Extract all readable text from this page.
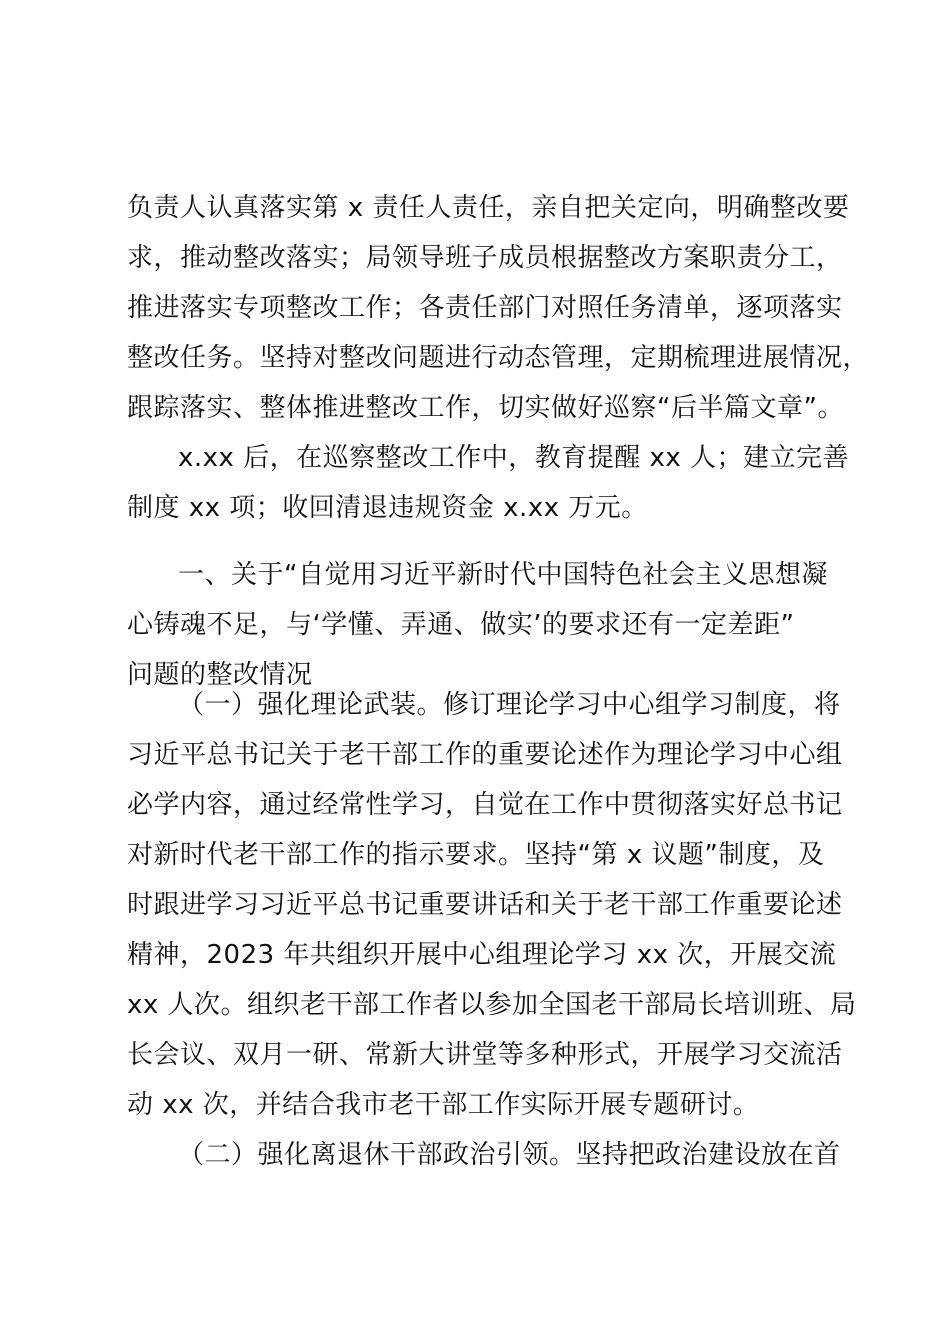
负责人认真落实第 x 责任人责任，亲自把关定向，明确整改要
求，推动整改落实；局领导班子成员根据整改方案职责分工，
推进落实专项整改工作；各责任部门对照任务清单，逐项落实
整改任务。坚持对整改问题进行动态管理，定期梳理进展情况，
跟踪落实、整体推进整改工作，切实做好巡察“后半篇文章”。
x.xx 后，在巡察整改工作中，教育提醒 xx 人；建立完善
制度 xx 项；收回清退违规资金 x.xx 万元。
一、关于“自觉用习近平新时代中国特色社会主义思想凝
心铸魂不足，与‘学懂、弄通、做实’的要求还有一定差距”
问题的整改情况
（一）强化理论武装。修订理论学习中心组学习制度，将
习近平总书记关于老干部工作的重要论述作为理论学习中心组
必学内容，通过经常性学习，自觉在工作中贯彻落实好总书记
对新时代老干部工作的指示要求。坚持“第 x 议题”制度，及
时跟进学习习近平总书记重要讲话和关于老干部工作重要论述
精神，2023 年共组织开展中心组理论学习 xx 次，开展交流
xx 人次。组织老干部工作者以参加全国老干部局长培训班、局
长会议、双月一研、常新大讲堂等多种形式，开展学习交流活
动 xx 次，并结合我市老干部工作实际开展专题研讨。
（二）强化离退休干部政治引领。坚持把政治建设放在首
